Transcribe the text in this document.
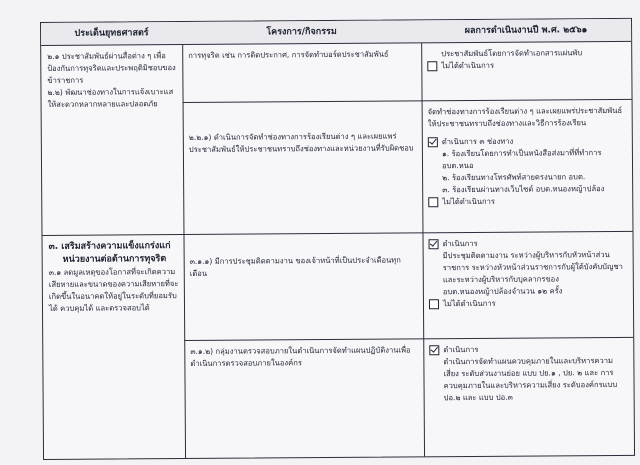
ประเด็นยุทธศาสตร์	โครงการ/กิจกรรม	ผลการดำเนินงานปี พ.ศ. ๒๕๖๑

๒.๑ ประชาสัมพันธ์ผ่านสื่อต่าง ๆ เพื่อป้องกันการทุจริตและประพฤติมิชอบของข้าราชการ

๒.๒) พัฒนาช่องทางในการแจ้งเบาะแสให้สะดวกหลากหลายและปลอดภัย

การทุจริต เช่น การติดประกาศ, การจัดทำบอร์ดประชาสัมพันธ์

๒.๒.๑) ดำเนินการจัดทำช่องทางการร้องเรียนต่าง ๆ และเผยแพร่ประชาสัมพันธ์ให้ประชาชนทราบถึงช่องทางและหน่วยงานที่รับผิดชอบ

ประชาสัมพันธ์โดยการจัดทำเอกสารแผ่นพับ

ไม่ได้ดำเนินการ

จัดทำช่องทางการร้องเรียนต่าง ๆ และเผยแพร่ประชาสัมพันธ์ให้ประชาชนทราบถึงช่องทางและวิธีการร้องเรียน

ดำเนินการ ๓ ช่องทาง

๑. ร้องเรียนโดยการทำเป็นหนังสือส่งมาที่ที่ทำการ อบต.หนอ

๒. ร้องเรียนทางโทรศัพท์สายตรงนายก อบต.

๓. ร้องเรียนผ่านทางเว็บไซต์ อบต.หนองหญ้าปล้อง

ไม่ได้ดำเนินการ

๓. เสริมสร้างความแข็งแกร่งแก่

หน่วยงานต่อต้านการทุจริต

๓.๑ ลดมูลเหตุของโอกาสที่จะเกิดความเสียหายและขนาดของความเสียหายที่จะเกิดขึ้นในอนาคตให้อยู่ในระดับที่ยอมรับได้ ควบคุมได้ และตรวจสอบได้

๓.๑.๑) มีการประชุมติดตามงาน ของเจ้าหน้าที่เป็นประจำเดือนทุกเดือน

๓.๑.๒) กลุ่มงานตรวจสอบภายในดำเนินการจัดทำแผนปฏิบัติงานเพื่อดำเนินการตรวจสอบภายในองค์กร

ดำเนินการ

มีประชุมติดตามงาน ระหว่างผู้บริหารกับหัวหน้าส่วนราชการ ระหว่างหัวหน้าส่วนราชการกับผู้ใต้บังคับบัญชา และระหว่างผู้บริหารกับบุคลากรของ อบต.หนองหญ้าปล้องจำนวน ๑๒ ครั้ง

ไม่ได้ดำเนินการ
ดำเนินการ

ดำเนินการจัดทำแผนควบคุมภายในและบริหารความเสี่ยง ระดับส่วนงานย่อย แบบ ปย.๑ , ปย. ๒ และ การควบคุมภายในและบริหารความเสี่ยง ระดับองค์กรแบบ ปอ.๒ และ แบบ ปอ.๓
